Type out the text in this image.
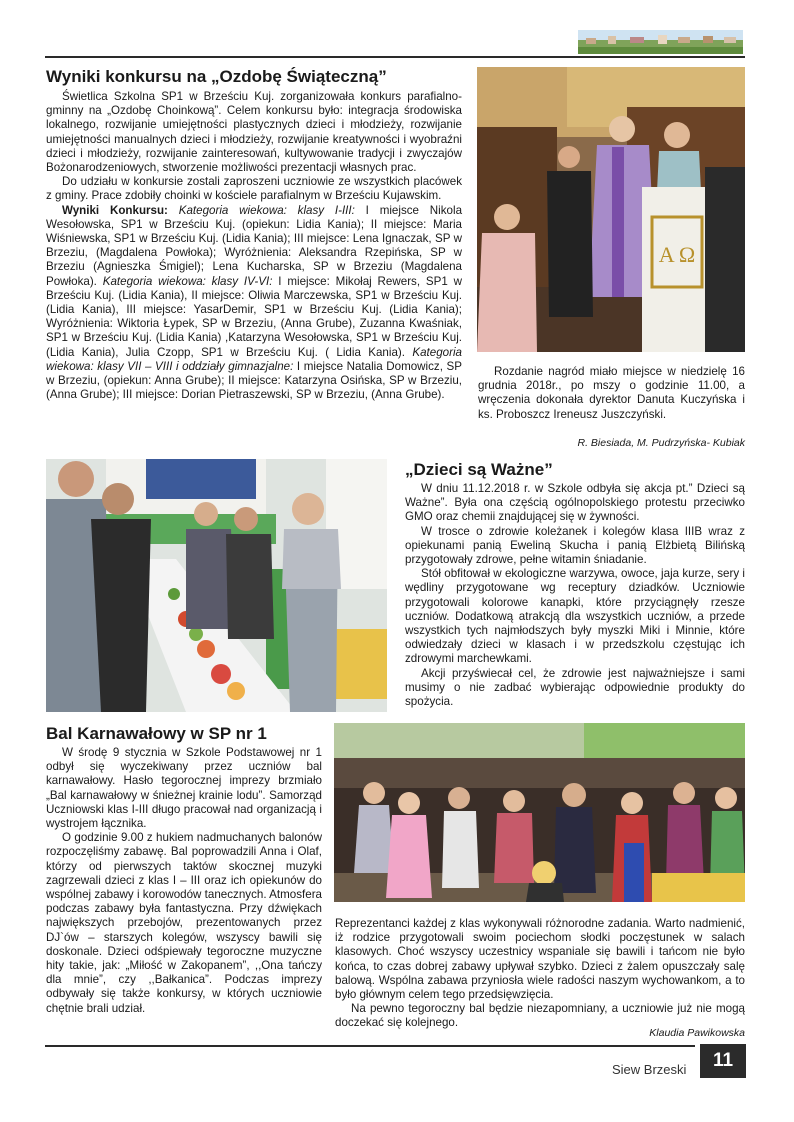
Wyniki konkursu na „Ozdobę Świąteczną”

Świetlica Szkolna SP1 w Brześciu Kuj. zorganizowała konkurs parafialno-gminny na „Ozdobę Choinkową”. Celem konkursu było: integracja środowiska lokalnego, rozwijanie umiejętności plastycznych dzieci i młodzieży, rozwijanie umiejętności manualnych dzieci i młodzieży, rozwijanie kreatywności i wyobraźni dzieci i młodzieży, rozwijanie zainteresowań, kultywowanie tradycji i zwyczajów Bożonarodzeniowych, stworzenie możliwości prezentacji własnych prac.

Do udziału w konkursie zostali zaproszeni uczniowie ze wszystkich placówek z gminy. Prace zdobiły choinki w kościele parafialnym w Brześciu Kujawskim.

Wyniki Konkursu: Kategoria wiekowa: klasy I-III: I miejsce Nikola Wesołowska, SP1 w Brześciu Kuj. (opiekun: Lidia Kania); II miejsce: Maria Wiśniewska, SP1 w Brześciu Kuj. (Lidia Kania); III miejsce: Lena Ignaczak, SP w Brzeziu, (Magdalena Powłoka); Wyróżnienia: Aleksandra Rzepińska, SP w Brzeziu (Agnieszka Śmigiel); Lena Kucharska, SP w Brzeziu (Magdalena Powłoka). Kategoria wiekowa: klasy IV-VI: I miejsce: Mikołaj Rewers, SP1 w Brześciu Kuj. (Lidia Kania), II miejsce: Oliwia Marczewska, SP1 w Brześciu Kuj. (Lidia Kania), III miejsce: YasarDemir, SP1 w Brześciu Kuj. (Lidia Kania); Wyróżnienia: Wiktoria Łypek, SP w Brzeziu, (Anna Grube), Zuzanna Kwaśniak, SP1 w Brześciu Kuj. (Lidia Kania) ,Katarzyna Wesołowska, SP1 w Brześciu Kuj.(Lidia Kania), Julia Czopp, SP1 w Brześciu Kuj. ( Lidia Kania). Kategoria wiekowa: klasy VII – VIII i oddziały gimnazjalne: I miejsce Natalia Domowicz, SP w Brzeziu, (opiekun: Anna Grube); II miejsce: Katarzyna Osińska, SP w Brzeziu, (Anna Grube); III miejsce: Dorian Pietraszewski, SP w Brzeziu, (Anna Grube).

A Ω

Rozdanie nagród miało miejsce w niedzielę 16 grudnia 2018r., po mszy o godzinie 11.00, a wręczenia dokonała dyrektor Danuta Kuczyńska i ks. Proboszcz Ireneusz Juszczyński.

R. Biesiada, M. Pudrzyńska- Kubiak
„Dzieci są Ważne”

W dniu 11.12.2018 r. w Szkole odbyła się akcja pt.” Dzieci są Ważne”. Była ona częścią ogólnopolskiego protestu przeciwko GMO oraz chemii znajdującej się w żywności.

W trosce o zdrowie koleżanek i kolegów klasa IIIB wraz z opiekunami panią Eweliną Skucha i panią Elżbietą Bilińską przygotowały zdrowe, pełne witamin śniadanie.

Stół obfitował w ekologiczne warzywa, owoce, jaja kurze, sery i wędliny przygotowane wg receptury dziadków. Uczniowie przygotowali kolorowe kanapki, które przyciągnęły rzesze uczniów. Dodatkową atrakcją dla wszystkich uczniów, a przede wszystkich tych najmłodszych były myszki Miki i Minnie, które odwiedzały dzieci w klasach i w przedszkolu częstując ich zdrowymi marchewkami.

Akcji przyświecał cel, że zdrowie jest najważniejsze i sami musimy o nie zadbać wybierając odpowiednie produkty do spożycia.

Bal Karnawałowy w SP nr 1

W środę 9 stycznia w Szkole Podstawowej nr 1 odbył się wyczekiwany przez uczniów bal karnawałowy. Hasło tegorocznej imprezy brzmiało „Bal karnawałowy w śnieżnej krainie lodu”. Samorząd Uczniowski klas I-III długo pracował nad organizacją i wystrojem łącznika.

O godzinie 9.00 z hukiem nadmuchanych balonów rozpoczęliśmy zabawę. Bal poprowadzili Anna i Olaf, którzy od pierwszych taktów skocznej muzyki zagrzewali dzieci z klas I – III oraz ich opiekunów do wspólnej zabawy i korowodów tanecznych. Atmosfera podczas zabawy była fantastyczna. Przy dźwiękach największych przebojów, prezentowanych przez DJ`ów – starszych kolegów, wszyscy bawili się doskonale. Dzieci odśpiewały tegoroczne muzyczne hity takie, jak: „Miłość w Zakopanem”, ,,Ona tańczy dla mnie”, czy ,,Bałkanica”. Podczas imprezy odbywały się także konkursy, w których uczniowie chętnie brali udział.

Reprezentanci każdej z klas wykonywali różnorodne zadania. Warto nadmienić, iż rodzice przygotowali swoim pociechom słodki poczęstunek w salach klasowych. Choć wszyscy uczestnicy wspaniale się bawili i tańcom nie było końca, to czas dobrej zabawy upływał szybko. Dzieci z żalem opuszczały salę balową. Wspólna zabawa przyniosła wiele radości naszym wychowankom, a to było głównym celem tego przedsięwzięcia.

Na pewno tegoroczny bal będzie niezapomniany, a uczniowie już nie mogą doczekać się kolejnego.

Klaudia Pawikowska
Siew Brzeski	11
